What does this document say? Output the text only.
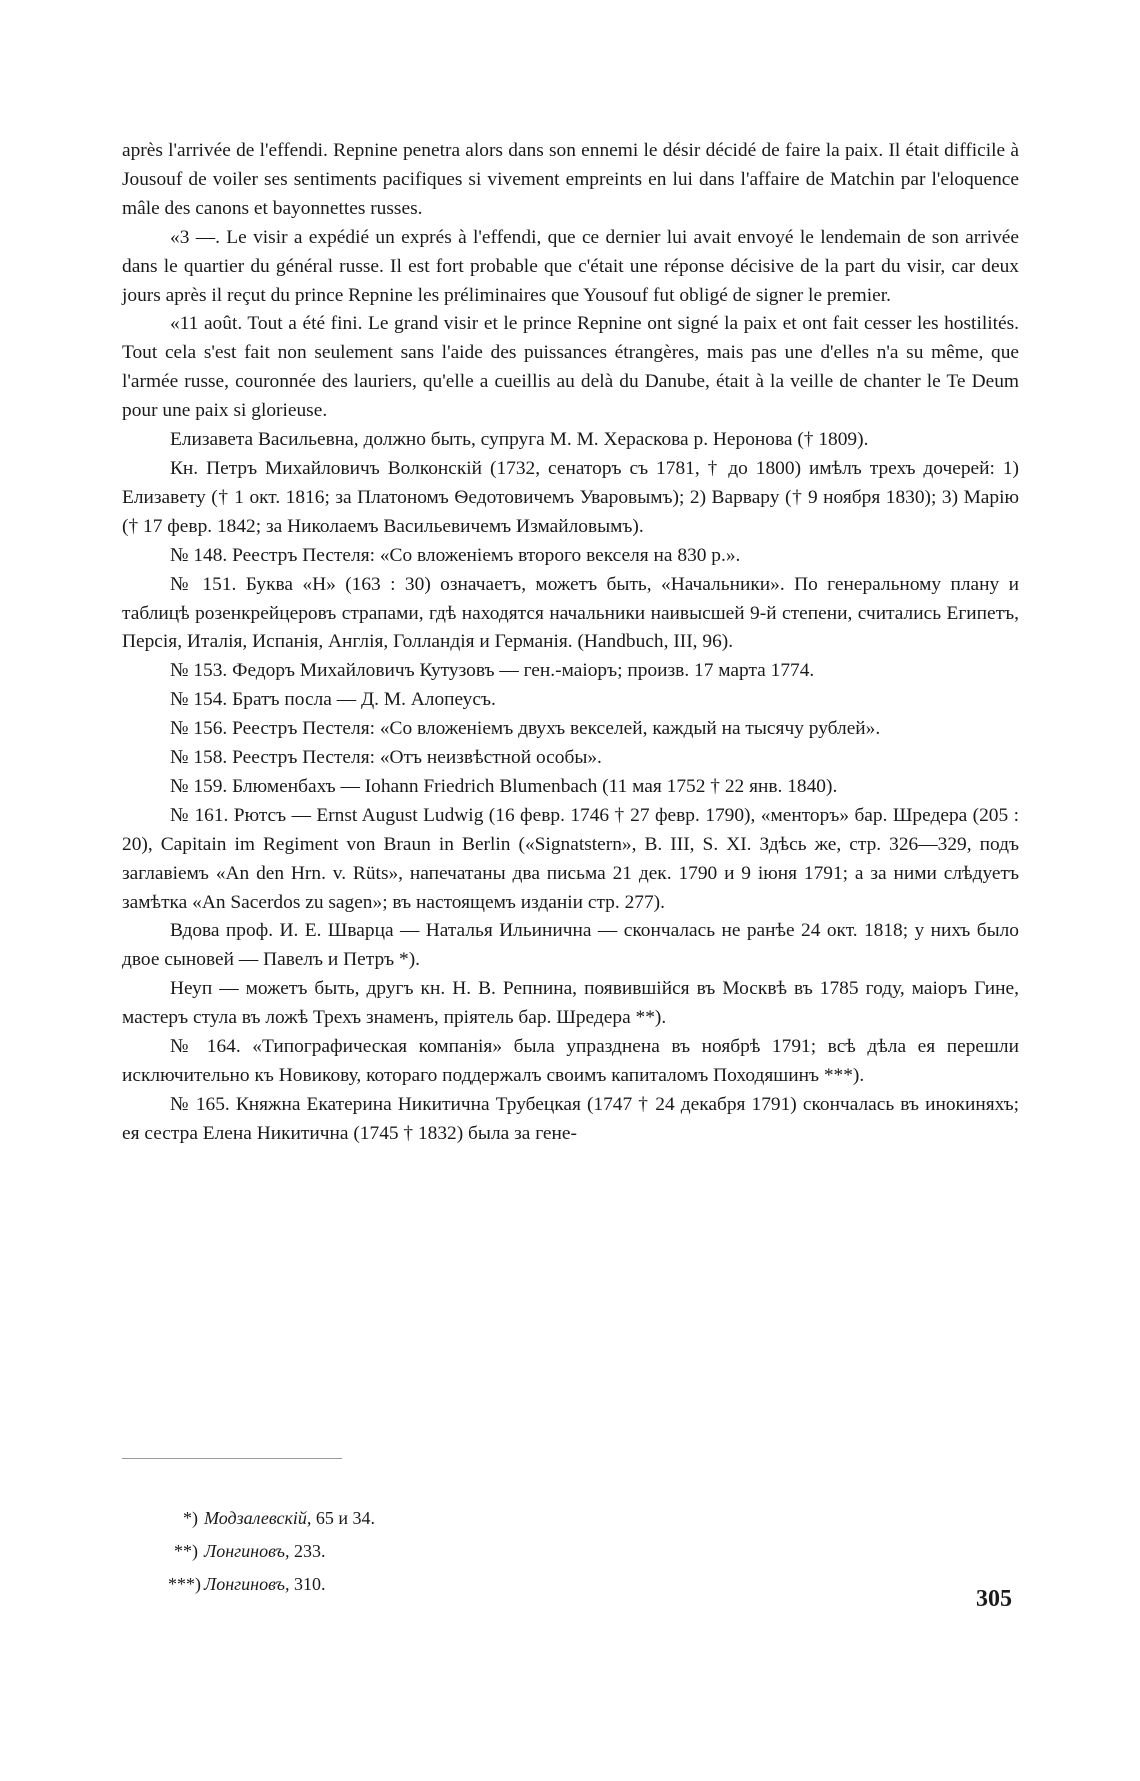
après l'arrivée de l'effendi. Repnine penetra alors dans son ennemi le désir décidé de faire la paix. Il était difficile à Jousouf de voiler ses sentiments pacifiques si vivement empreints en lui dans l'affaire de Matchin par l'eloquence mâle des canons et bayonnettes russes.

«3 —. Le visir a expédié un exprés à l'effendi, que ce dernier lui avait envoyé le lendemain de son arrivée dans le quartier du général russe. Il est fort probable que c'était une réponse décisive de la part du visir, car deux jours après il reçut du prince Repnine les préliminaires que Yousouf fut obligé de signer le premier.

«11 août. Tout a été fini. Le grand visir et le prince Repnine ont signé la paix et ont fait cesser les hostilités. Tout cela s'est fait non seulement sans l'aide des puissances étrangères, mais pas une d'elles n'a su même, que l'armée russe, couronnée des lauriers, qu'elle a cueillis au delà du Danube, était à la veille de chanter le Te Deum pour une paix si glorieuse.

Елизавета Васильевна, должно быть, супруга М. М. Хераскова р. Неронова († 1809).

Кн. Петръ Михайловичъ Волконскій (1732, сенаторъ съ 1781, † до 1800) имѣлъ трехъ дочерей: 1) Елизавету († 1 окт. 1816; за Платономъ Ѳедотовичемъ Уваровымъ); 2) Варвару († 9 ноября 1830); 3) Марію († 17 февр. 1842; за Николаемъ Васильевичемъ Измайловымъ).

№ 148. Реестръ Пестеля: «Со вложеніемъ второго векселя на 830 р.».

№ 151. Буква «Н» (163 : 30) означаетъ, можетъ быть, «Начальники». По генеральному плану и таблицѣ розенкрейцеровъ страпами, гдѣ находятся начальники наивысшей 9-й степени, считались Египетъ, Персія, Италія, Испанія, Англія, Голландія и Германія. (Handbuch, III, 96).

№ 153. Федоръ Михайловичъ Кутузовъ — ген.-маіоръ; произв. 17 марта 1774.

№ 154. Братъ посла — Д. М. Алопеусъ.

№ 156. Реестръ Пестеля: «Со вложеніемъ двухъ векселей, каждый на тысячу рублей».

№ 158. Реестръ Пестеля: «Отъ неизвѣстной особы».

№ 159. Блюменбахъ — Iohann Friedrich Blumenbach (11 мая 1752 † 22 янв. 1840).

№ 161. Рютсъ — Ernst August Ludwig (16 февр. 1746 † 27 февр. 1790), «менторъ» бар. Шредера (205 : 20), Capitain im Regiment von Braun in Berlin («Signatstern», B. III, S. XI. Здѣсь же, стр. 326—329, подъ заглавіемъ «An den Hrn. v. Rüts», напечатаны два письма 21 дек. 1790 и 9 іюня 1791; а за ними слѣдуетъ замѣтка «An Sacerdos zu sagen»; въ настоящемъ изданіи стр. 277).

Вдова проф. И. Е. Шварца — Наталья Ильинична — скончалась не ранѣе 24 окт. 1818; у нихъ было двое сыновей — Павелъ и Петръ *).

Неуп — можетъ быть, другъ кн. Н. В. Репнина, появившійся въ Москвѣ въ 1785 году, маіоръ Гине, мастеръ стула въ ложѣ Трехъ знаменъ, пріятель бар. Шредера **).

№ 164. «Типографическая компанія» была упразднена въ ноябрѣ 1791; всѣ дѣла ея перешли исключительно къ Новикову, котораго поддержалъ своимъ капиталомъ Походяшинъ ***).

№ 165. Княжна Екатерина Никитична Трубецкая (1747 † 24 декабря 1791) скончалась въ инокиняхъ; ея сестра Елена Никитична (1745 † 1832) была за гене-

*) Модзалевскій, 65 и 34.

**) Лонгиновъ, 233.

***) Лонгиновъ, 310.

305
